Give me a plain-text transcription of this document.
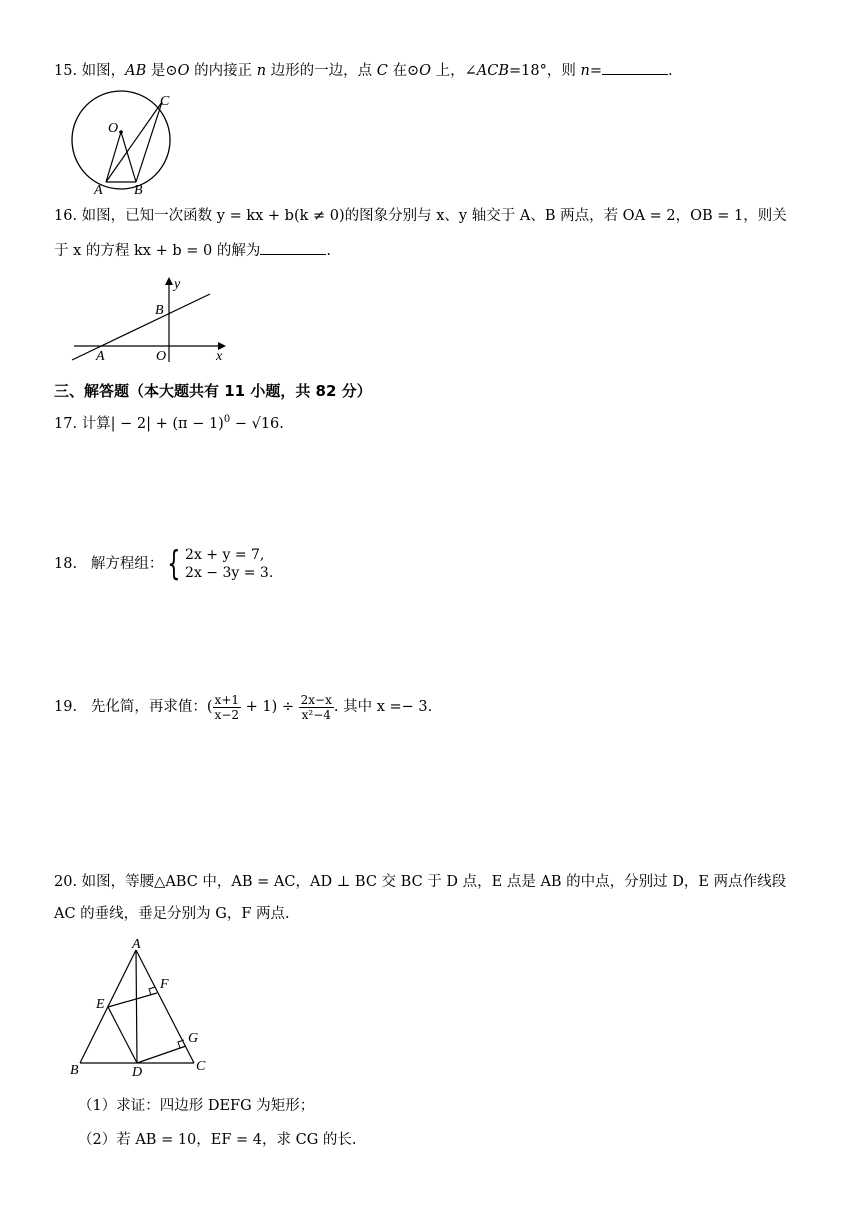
15. 如图，AB 是⊙O 的内接正 n 边形的一边，点 C 在⊙O 上，∠ACB=18°，则 n=	.
O
C
A B
16. 如图，已知一次函数 y = kx + b(k ≠ 0)的图象分别与 x、y 轴交于 A、B 两点，若 OA = 2，OB = 1，则关
于 x 的方程 kx + b = 0 的解为	.
y
x
B
A	O
三、解答题（本大题共有 11 小题，共 82 分）
17. 计算| − $2| + (\pi - 1)^0 - √16$.
18. 解方程组： { 2x + y = 7,
2x − 3y = 3.
19. 先化简，再求值：( $\frac{x+1}{x-2} + 1) \div \frac{2x-x}{\text{x²−4}}$ . 其中 x =− 3.
20. 如图，等腰△ABC 中，AB = AC，AD ⊥ BC 交 BC 于 D 点，E 点是 AB 的中点，分别过 D，E 两点作线段
AC 的垂线，垂足分别为 G，F 两点.
A
F
E
G
B	D	C
（1）求证：四边形 DEFG 为矩形；
（2）若 AB = 10，EF = 4，求 CG 的长.
